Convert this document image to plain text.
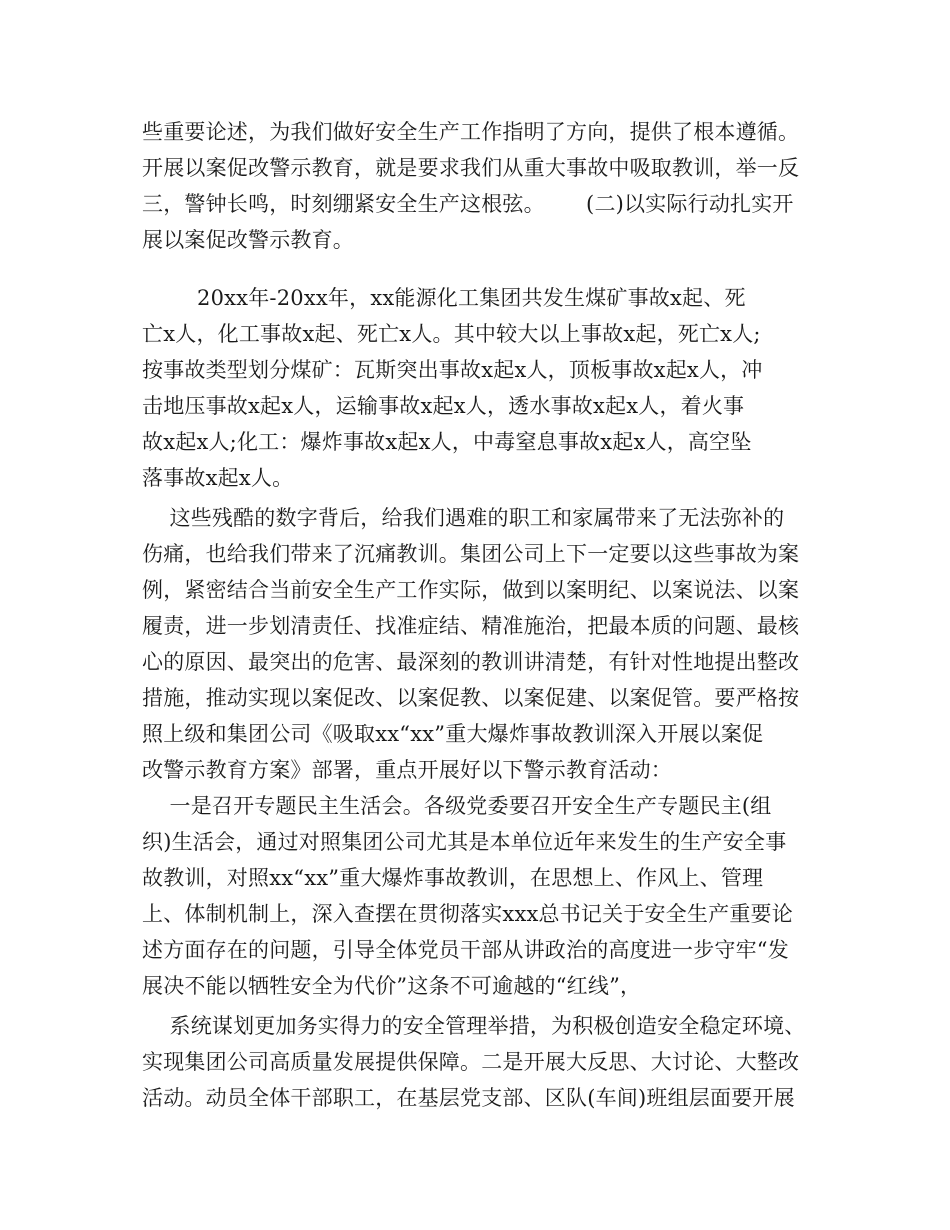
些重要论述，为我们做好安全生产工作指明了方向，提供了根本遵循。

开展以案促改警示教育，就是要求我们从重大事故中吸取教训，举一反

三，警钟长鸣，时刻绷紧安全生产这根弦。      (二)以实际行动扎实开

展以案促改警示教育。

20xx年-20xx年，xx能源化工集团共发生煤矿事故x起、死

亡x人，化工事故x起、死亡x人。其中较大以上事故x起，死亡x人;

按事故类型划分煤矿：瓦斯突出事故x起x人，顶板事故x起x人，冲

击地压事故x起x人，运输事故x起x人，透水事故x起x人，着火事

故x起x人;化工：爆炸事故x起x人，中毒窒息事故x起x人，高空坠

落事故x起x人。

这些残酷的数字背后，给我们遇难的职工和家属带来了无法弥补的

伤痛，也给我们带来了沉痛教训。集团公司上下一定要以这些事故为案

例，紧密结合当前安全生产工作实际，做到以案明纪、以案说法、以案

履责，进一步划清责任、找准症结、精准施治，把最本质的问题、最核

心的原因、最突出的危害、最深刻的教训讲清楚，有针对性地提出整改

措施，推动实现以案促改、以案促教、以案促建、以案促管。要严格按

照上级和集团公司《吸取xx“xx”重大爆炸事故教训深入开展以案促

改警示教育方案》部署，重点开展好以下警示教育活动：

一是召开专题民主生活会。各级党委要召开安全生产专题民主(组

织)生活会，通过对照集团公司尤其是本单位近年来发生的生产安全事

故教训，对照xx“xx”重大爆炸事故教训，在思想上、作风上、管理

上、体制机制上，深入查摆在贯彻落实xxx总书记关于安全生产重要论

述方面存在的问题，引导全体党员干部从讲政治的高度进一步守牢“发

展决不能以牺牲安全为代价”这条不可逾越的“红线”，

系统谋划更加务实得力的安全管理举措，为积极创造安全稳定环境、

实现集团公司高质量发展提供保障。二是开展大反思、大讨论、大整改

活动。动员全体干部职工，在基层党支部、区队(车间)班组层面要开展
